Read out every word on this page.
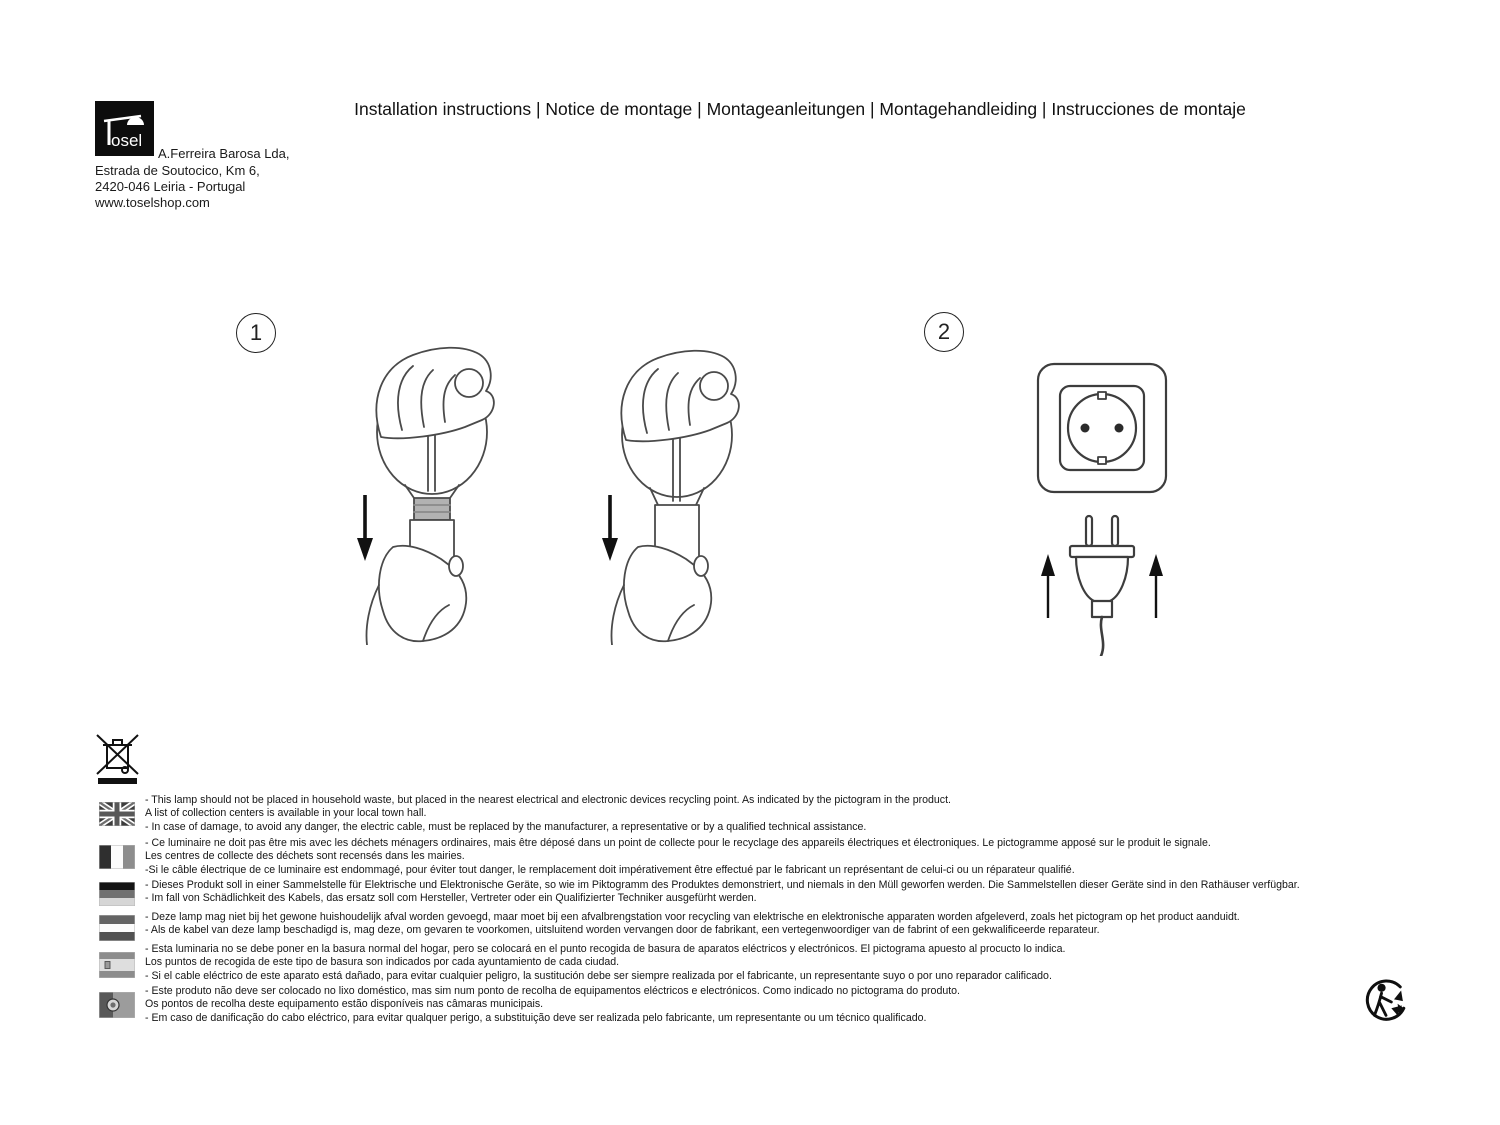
Installation instructions | Notice de montage | Montageanleitungen | Montagehandleiding | Instrucciones de montaje
osel
A.Ferreira Barosa Lda,
Estrada de Soutocico, Km 6,
2420-046 Leiria - Portugal
www.toselshop.com
1	2
- This lamp should not be placed in household waste, but placed in the nearest electrical and electronic devices recycling point. As indicated by the pictogram in the product.
A list of collection centers is available in your local town hall.
- In case of damage, to avoid any danger, the electric cable, must be replaced by the manufacturer, a representative or by a qualified technical assistance.
- Ce luminaire ne doit pas être mis avec les déchets ménagers ordinaires, mais être déposé dans un point de collecte pour le recyclage des appareils électriques et électroniques. Le pictogramme apposé sur le produit le signale.
Les centres de collecte des déchets sont recensés dans les mairies.
-Si le câble électrique de ce luminaire est endommagé, pour éviter tout danger, le remplacement doit impérativement être effectué par le fabricant un représentant de celui-ci ou un réparateur qualifié.
- Dieses Produkt soll in einer Sammelstelle für Elektrische und Elektronische Geräte, so wie im Piktogramm des Produktes demonstriert, und niemals in den Müll geworfen werden. Die Sammelstellen dieser Geräte sind in den Rathäuser verfügbar.
- Im fall von Schädlichkeit des Kabels, das ersatz soll com Hersteller, Vertreter oder ein Qualifizierter Techniker ausgefürht werden.
- Deze lamp mag niet bij het gewone huishoudelijk afval worden gevoegd, maar moet bij een afvalbrengstation voor recycling van elektrische en elektronische apparaten worden afgeleverd, zoals het pictogram op het product aanduidt.
- Als de kabel van deze lamp beschadigd is, mag deze, om gevaren te voorkomen, uitsluitend worden vervangen door de fabrikant, een vertegenwoordiger van de fabrint of een gekwalificeerde reparateur.
- Esta luminaria no se debe poner en la basura normal del hogar, pero se colocará en el punto recogida de basura de aparatos eléctricos y electrónicos. El pictograma apuesto al procucto lo indica.
Los puntos de recogida de este tipo de basura son indicados por cada ayuntamiento de cada ciudad.
- Si el cable eléctrico de este aparato está dañado, para evitar cualquier peligro, la sustitución debe ser siempre realizada por el fabricante, un representante suyo o por uno reparador calificado.
- Este produto não deve ser colocado no lixo doméstico, mas sim num ponto de recolha de equipamentos eléctricos e electrónicos. Como indicado no pictograma do produto.
Os pontos de recolha deste equipamento estão disponíveis nas câmaras municipais.
- Em caso de danificação do cabo eléctrico, para evitar qualquer perigo, a substituição deve ser realizada pelo fabricante, um representante ou um técnico qualificado.
